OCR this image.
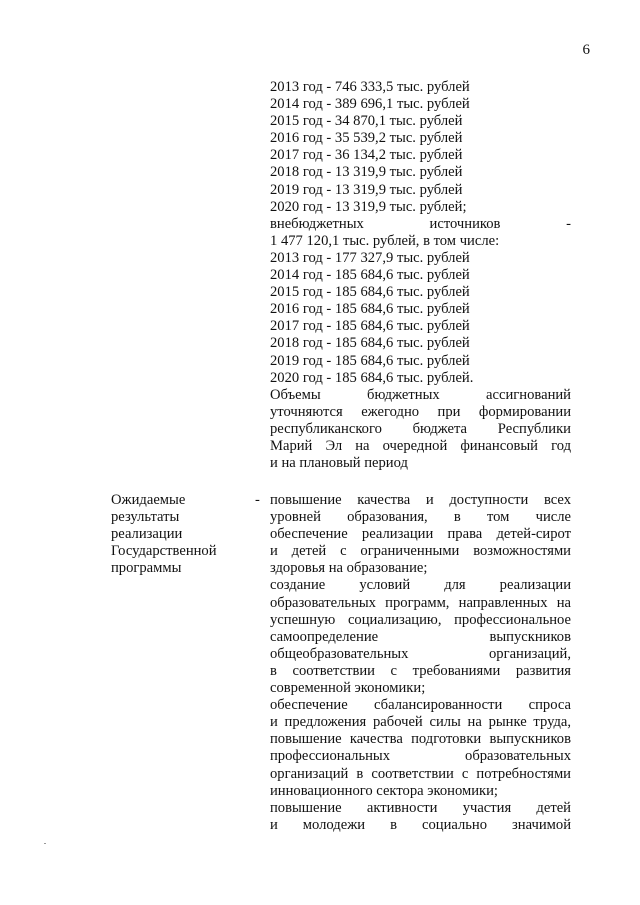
6
2013 год - 746 333,5 тыс. рублей
2014 год - 389 696,1 тыс. рублей
2015 год - 34 870,1 тыс. рублей
2016 год - 35 539,2 тыс. рублей
2017 год - 36 134,2 тыс. рублей
2018 год - 13 319,9 тыс. рублей
2019 год - 13 319,9 тыс. рублей
2020 год - 13 319,9 тыс. рублей;
внебюджетных источников -
1 477 120,1 тыс. рублей, в том числе:
2013 год - 177 327,9 тыс. рублей
2014 год - 185 684,6 тыс. рублей
2015 год - 185 684,6 тыс. рублей
2016 год - 185 684,6 тыс. рублей
2017 год - 185 684,6 тыс. рублей
2018 год - 185 684,6 тыс. рублей
2019 год - 185 684,6 тыс. рублей
2020 год - 185 684,6 тыс. рублей.
Объемы бюджетных ассигнований
уточняются ежегодно при формировании
республиканского бюджета Республики
Марий Эл на очередной финансовый год
и на плановый период
Ожидаемые
результаты
реализации
Государственной
программы
- повышение качества и доступности всех
уровней образования, в том числе
обеспечение реализации права детей-сирот
и детей с ограниченными возможностями
здоровья на образование;
создание условий для реализации
образовательных программ, направленных на
успешную социализацию, профессиональное
самоопределение выпускников
общеобразовательных организаций,
в соответствии с требованиями развития
современной экономики;
обеспечение сбалансированности спроса
и предложения рабочей силы на рынке труда,
повышение качества подготовки выпускников
профессиональных образовательных
организаций в соответствии с потребностями
инновационного сектора экономики;
повышение активности участия детей
и молодежи в социально значимой
